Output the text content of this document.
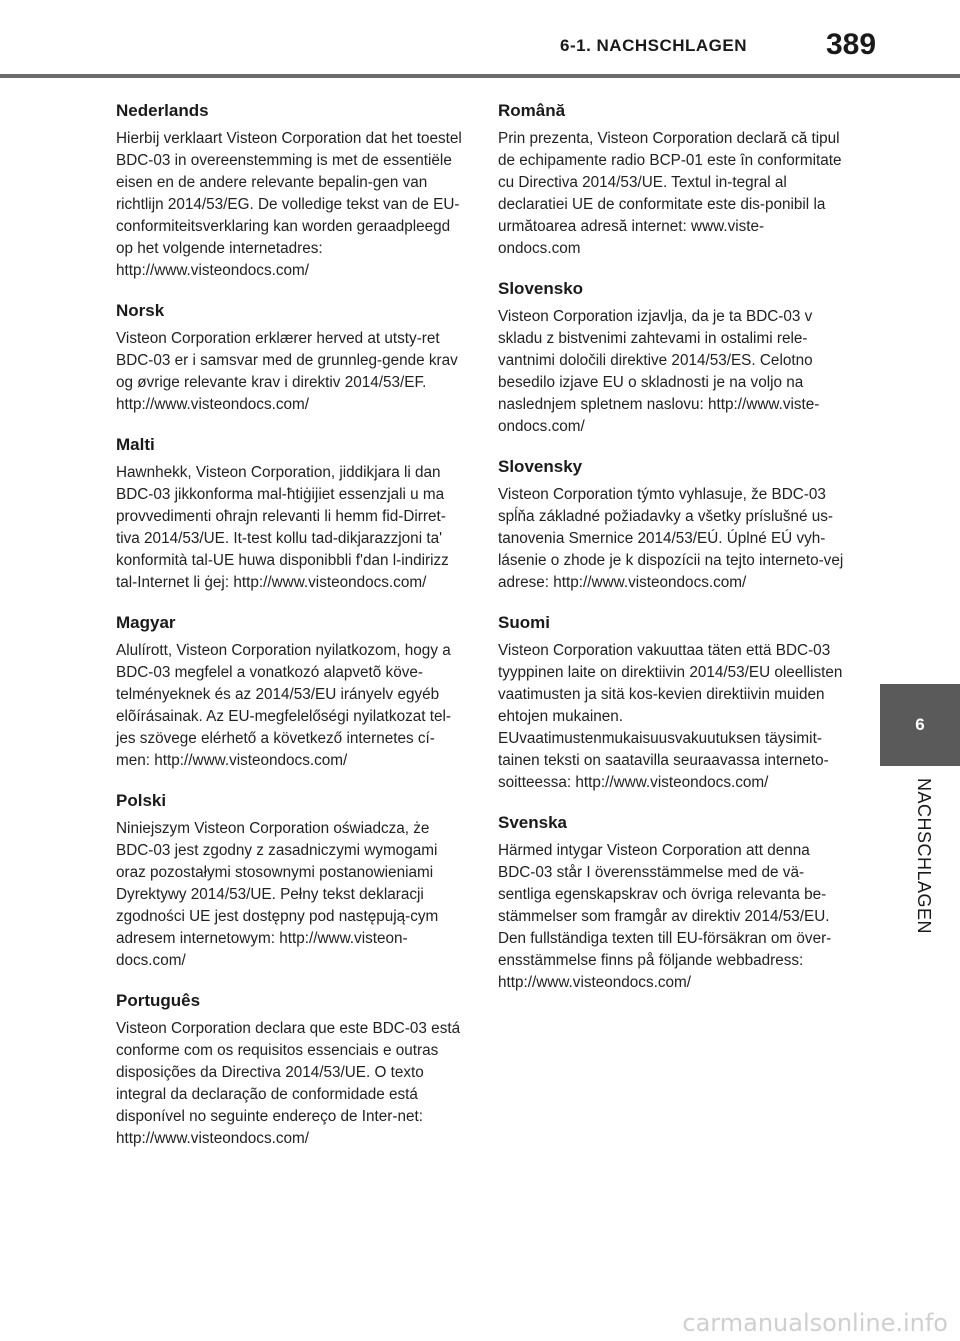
6-1. NACHSCHLAGEN	389

Nederlands

Hierbij verklaart Visteon Corporation dat het toestel BDC-03 in overeenstemming is met de essentiële eisen en de andere relevante bepalin-gen van richtlijn 2014/53/EG. De volledige tekst van de EU-conformiteitsverklaring kan worden geraadpleegd op het volgende internetadres: http://www.visteondocs.com/

Norsk

Visteon Corporation erklærer herved at utsty-ret BDC-03 er i samsvar med de grunnleg-gende krav og øvrige relevante krav i direktiv 2014/53/EF. http://www.visteondocs.com/

Malti

Hawnhekk, Visteon Corporation, jiddikjara li dan BDC-03 jikkonforma mal-ħtiġijiet essenzjali u ma provvedimenti oħrajn relevanti li hemm fid-Dirret-tiva 2014/53/UE. It-test kollu tad-dikjarazzjoni ta' konformità tal-UE huwa disponibbli f'dan l-indirizz tal-Internet li ġej: http://www.visteondocs.com/

Magyar

Alulírott, Visteon Corporation nyilatkozom, hogy a BDC-03 megfelel a vonatkozó alapvetõ köve-telményeknek és az 2014/53/EU irányelv egyéb elõírásainak. Az EU-megfelelőségi nyilatkozat tel-jes szövege elérhető a következő internetes cí-men: http://www.visteondocs.com/

Polski

Niniejszym Visteon Corporation oświadcza, że BDC-03 jest zgodny z zasadniczymi wymogami oraz pozostałymi stosownymi postanowieniami Dyrektywy 2014/53/UE. Pełny tekst deklaracji zgodności UE jest dostępny pod następują-cym adresem internetowym: http://www.visteon-docs.com/

Português

Visteon Corporation declara que este BDC-03 está conforme com os requisitos essenciais e outras disposições da Directiva 2014/53/UE. O texto integral da declaração de conformidade está disponível no seguinte endereço de Inter-net: http://www.visteondocs.com/

Română

Prin prezenta, Visteon Corporation declară că tipul de echipamente radio BCP-01 este în conformitate cu Directiva 2014/53/UE. Textul in-tegral al declaratiei UE de conformitate este dis-ponibil la următoarea adresă internet: www.viste-ondocs.com

Slovensko

Visteon Corporation izjavlja, da je ta BDC-03 v skladu z bistvenimi zahtevami in ostalimi rele-vantnimi določili direktive 2014/53/ES. Celotno besedilo izjave EU o skladnosti je na voljo na naslednjem spletnem naslovu: http://www.viste-ondocs.com/

Slovensky

Visteon Corporation týmto vyhlasuje, že BDC-03 spĺňa základné požiadavky a všetky príslušné us-tanovenia Smernice 2014/53/EÚ. Úplné EÚ vyh-lásenie o zhode je k dispozícii na tejto interneto-vej adrese: http://www.visteondocs.com/

Suomi

Visteon Corporation vakuuttaa täten että BDC-03 tyyppinen laite on direktiivin 2014/53/EU oleellisten vaatimusten ja sitä kos-kevien direktiivin muiden ehtojen mukainen. EUvaatimustenmukaisuusvakuutuksen täysimit-tainen teksti on saatavilla seuraavassa interneto-soitteessa: http://www.visteondocs.com/

Svenska

Härmed intygar Visteon Corporation att denna BDC-03 står I överensstämmelse med de vä-sentliga egenskapskrav och övriga relevanta be-stämmelser som framgår av direktiv 2014/53/EU. Den fullständiga texten till EU-försäkran om över-ensstämmelse finns på följande webbadress: http://www.visteondocs.com/

6
NACHSCHLAGEN
carmanualsonline.info
